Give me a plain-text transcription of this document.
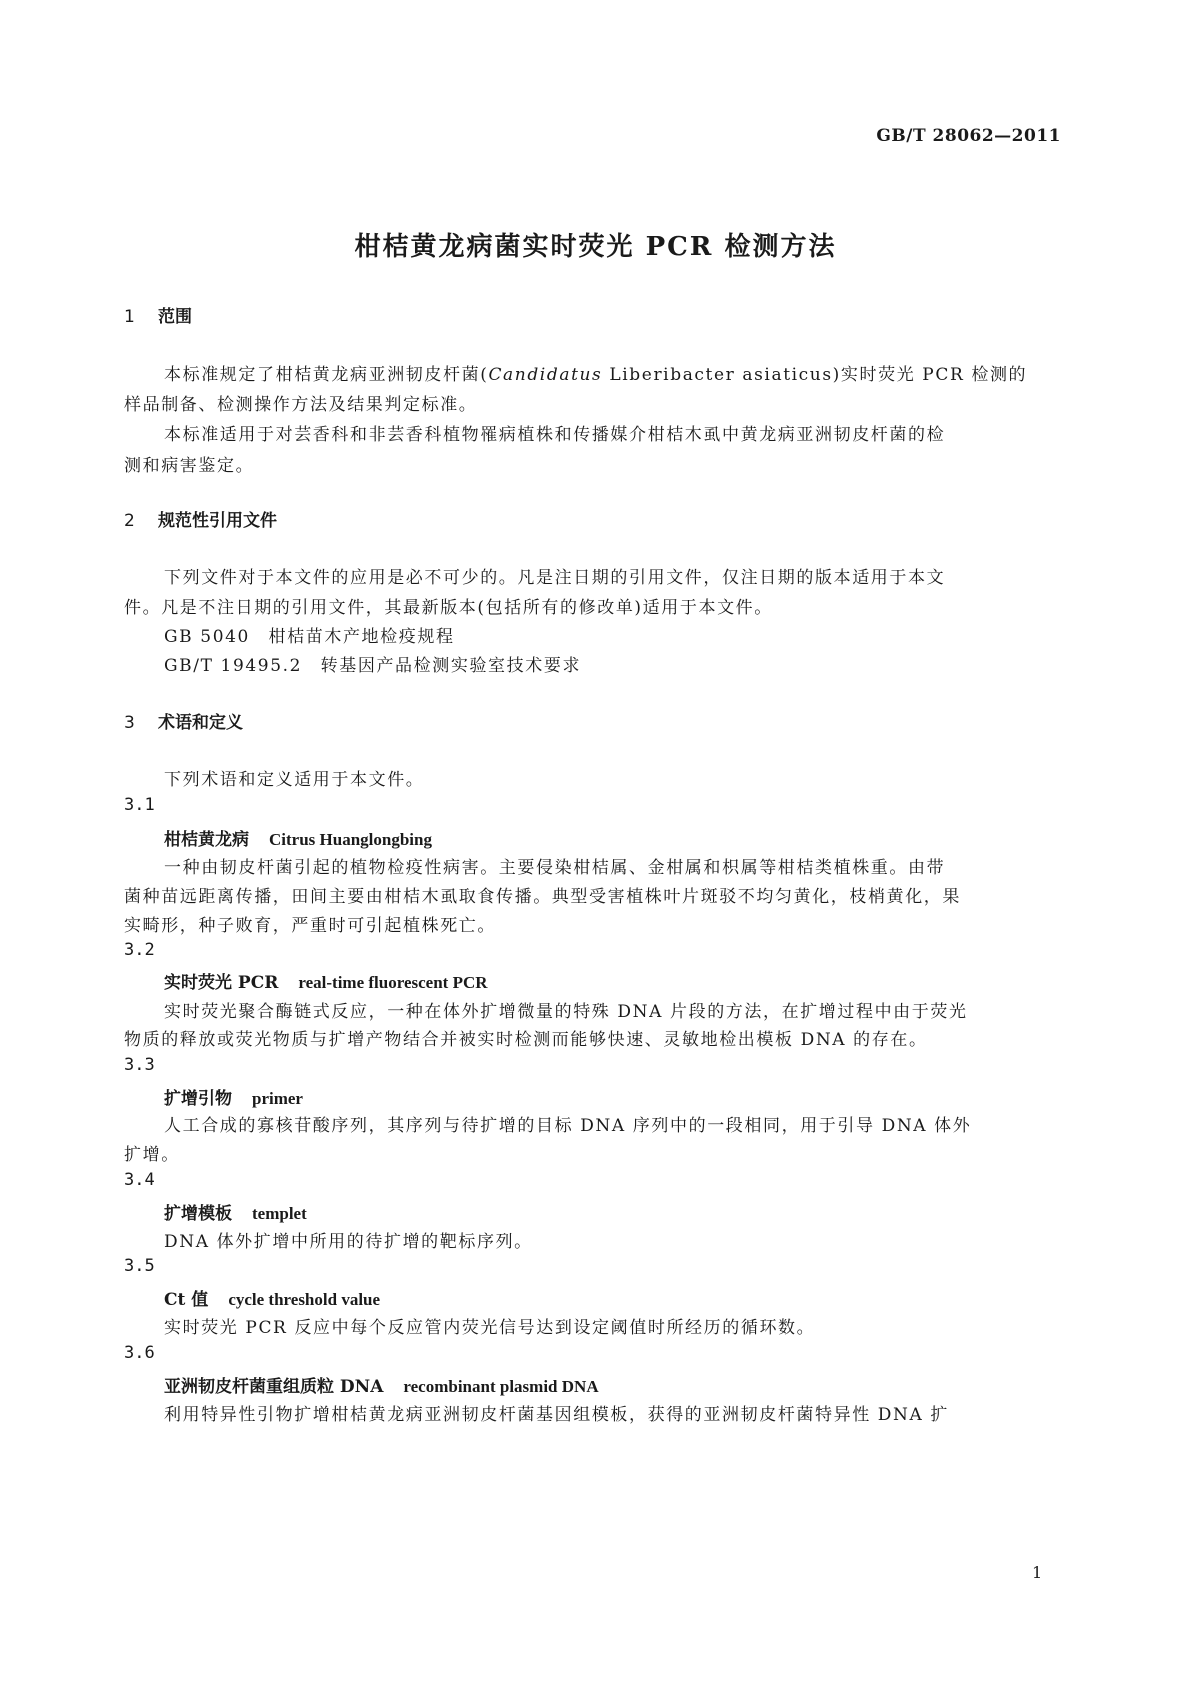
GB/T 28062—2011
柑桔黄龙病菌实时荧光 PCR 检测方法
1 范围
本标准规定了柑桔黄龙病亚洲韧皮杆菌(Candidatus Liberibacter asiaticus)实时荧光 PCR 检测的
样品制备、检测操作方法及结果判定标准。
本标准适用于对芸香科和非芸香科植物罹病植株和传播媒介柑桔木虱中黄龙病亚洲韧皮杆菌的检
测和病害鉴定。
2 规范性引用文件
下列文件对于本文件的应用是必不可少的。凡是注日期的引用文件，仅注日期的版本适用于本文
件。凡是不注日期的引用文件，其最新版本(包括所有的修改单)适用于本文件。
GB 5040　柑桔苗木产地检疫规程
GB/T 19495.2　转基因产品检测实验室技术要求
3 术语和定义
下列术语和定义适用于本文件。
3.1
柑桔黄龙病 Citrus Huanglongbing
一种由韧皮杆菌引起的植物检疫性病害。主要侵染柑桔属、金柑属和枳属等柑桔类植株重。由带
菌种苗远距离传播，田间主要由柑桔木虱取食传播。典型受害植株叶片斑驳不均匀黄化，枝梢黄化，果
实畸形，种子败育，严重时可引起植株死亡。
3.2
实时荧光 PCR real-time fluorescent PCR
实时荧光聚合酶链式反应，一种在体外扩增微量的特殊 DNA 片段的方法，在扩增过程中由于荧光
物质的释放或荧光物质与扩增产物结合并被实时检测而能够快速、灵敏地检出模板 DNA 的存在。
3.3
扩增引物 primer
人工合成的寡核苷酸序列，其序列与待扩增的目标 DNA 序列中的一段相同，用于引导 DNA 体外
扩增。
3.4
扩增模板 templet
DNA 体外扩增中所用的待扩增的靶标序列。
3.5
Ct 值 cycle threshold value
实时荧光 PCR 反应中每个反应管内荧光信号达到设定阈值时所经历的循环数。
3.6
亚洲韧皮杆菌重组质粒 DNA recombinant plasmid DNA
利用特异性引物扩增柑桔黄龙病亚洲韧皮杆菌基因组模板，获得的亚洲韧皮杆菌特异性 DNA 扩
1
